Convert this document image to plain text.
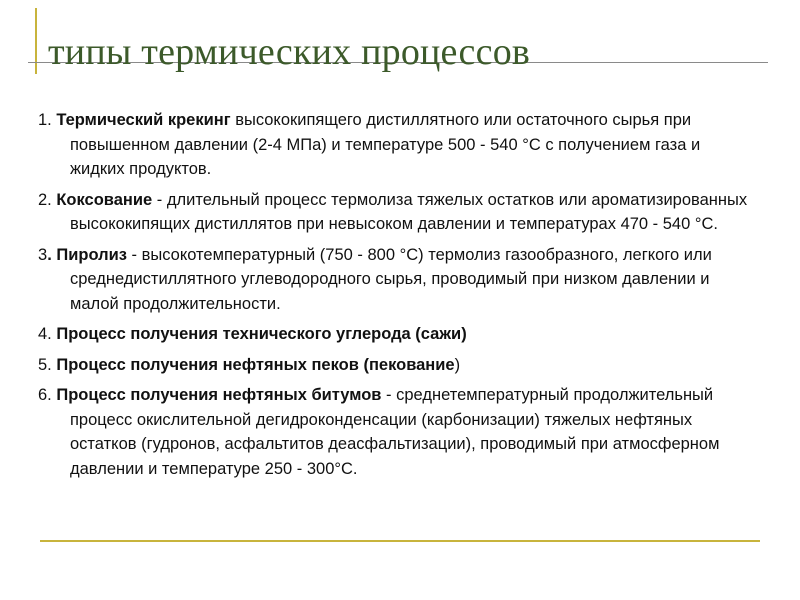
типы термических процессов

1. Термический крекинг высококипящего дистиллятного или остаточного сырья при повышенном давлении (2-4 МПа) и температуре 500 - 540 °С с получением газа и жидких продуктов.

2. Коксование - длительный процесс термолиза тяжелых остатков или ароматизированных высококипящих дистиллятов при невысоком давлении и температурах 470 - 540 °С.

3. Пиролиз - высокотемпературный (750 - 800 °С) термолиз газообразного, легкого или среднедистиллятного углеводородного сырья, проводимый при низком давлении и малой продолжительности.

4. Процесс получения технического углерода (сажи)

5. Процесс получения нефтяных пеков (пекование)

6. Процесс получения нефтяных битумов - среднетемпературный продолжительный процесс окислительной дегидроконденсации (карбонизации) тяжелых нефтяных остатков (гудронов, асфальтитов деасфальтизации), проводимый при атмосферном давлении и температуре 250 - 300°С.
